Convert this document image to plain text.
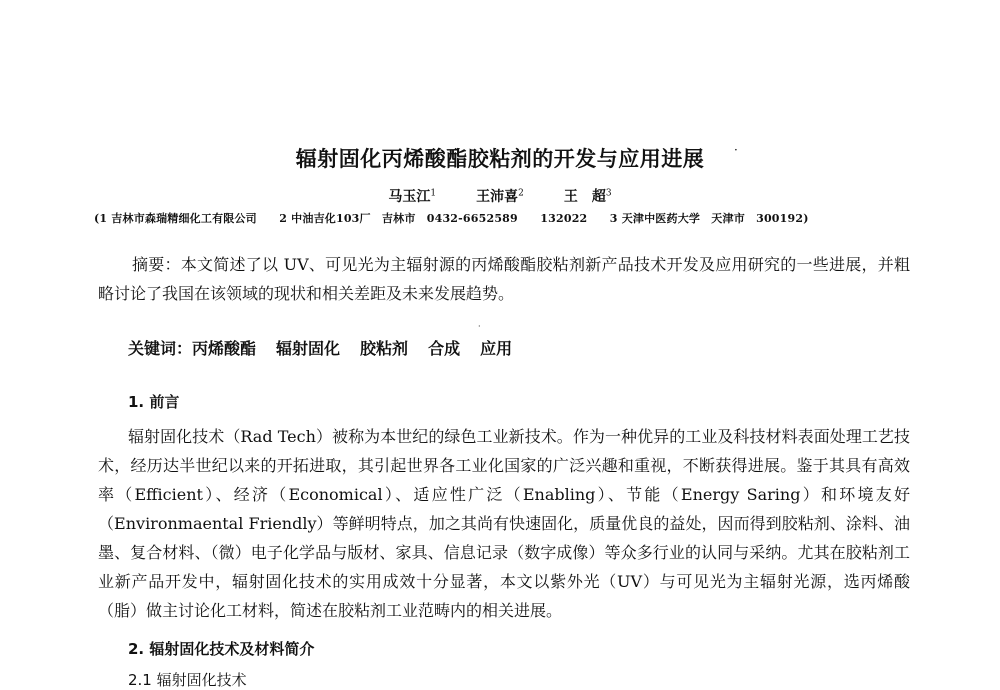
辐射固化丙烯酸酯胶粘剂的开发与应用进展	·
马玉江$^1$	王沛喜$^2$	王　超$^3$
(1 吉林市森瑞精细化工有限公司　　2 中油吉化103厂　吉林市　0432-6652589　　132022　　3 天津中医药大学　天津市　300192)

摘要：本文简述了以 UV、可见光为主辐射源的丙烯酸酯胶粘剂新产品技术开发及应用研究的一些进展，并粗略讨论了我国在该领域的现状和相关差距及未来发展趋势。

·
关键词：丙烯酸酯 辐射固化 胶粘剂 合成 应用
1. 前言

辐射固化技术（Rad Tech）被称为本世纪的绿色工业新技术。作为一种优异的工业及科技材料表面处理工艺技术，经历达半世纪以来的开拓进取，其引起世界各工业化国家的广泛兴趣和重视，不断获得进展。鉴于其具有高效率（Efficient）、经济（Economical）、适应性广泛（Enabling）、节能（Energy Saring）和环境友好（Environmaental Friendly）等鲜明特点，加之其尚有快速固化，质量优良的益处，因而得到胶粘剂、涂料、油墨、复合材料、（微）电子化学品与版材、家具、信息记录（数字成像）等众多行业的认同与采纳。尤其在胶粘剂工业新产品开发中，辐射固化技术的实用成效十分显著，本文以紫外光（UV）与可见光为主辐射光源，选丙烯酸（脂）做主讨论化工材料，简述在胶粘剂工业范畴内的相关进展。

2. 辐射固化技术及材料简介
2.1 辐射固化技术
